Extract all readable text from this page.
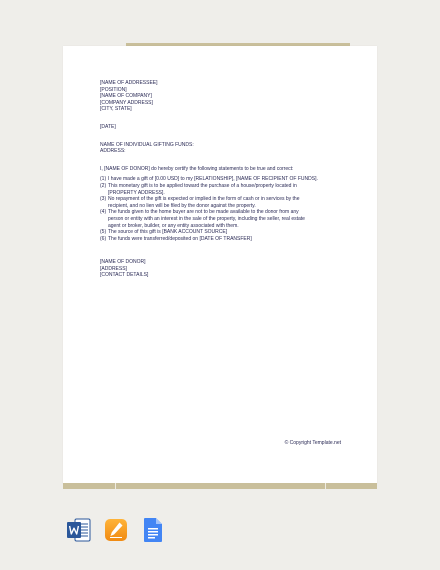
[NAME OF ADDRESSEE]
[POSITION]
[NAME OF COMPANY]
[COMPANY ADDRESS]
[CITY, STATE]
[DATE]
NAME OF INDIVIDUAL GIFTING FUNDS:
ADDRESS:
I, [NAME OF DONOR] do hereby certify the following statements to be true and correct:
(1) I have made a gift of [0.00 USD] to my [RELATIONSHIP], [NAME OF RECIPIENT OF FUNDS].
(2) This monetary gift is to be applied toward the purchase of a house/property located in
[PROPERTY ADDRESS].
(3) No repayment of the gift is expected or implied in the form of cash or in services by the
recipient, and no lien will be filed by the donor against the property.
(4) The funds given to the home buyer are not to be made available to the donor from any
person or entity with an interest in the sale of the property, including the seller, real estate
agent or broker, builder, or any entity associated with them.
(5) The source of this gift is [BANK ACCOUNT SOURCE]
(6) The funds were transferred/deposited on [DATE OF TRANSFER]
[NAME OF DONOR]
[ADDRESS]
[CONTACT DETAILS]
© Copyright Template.net
